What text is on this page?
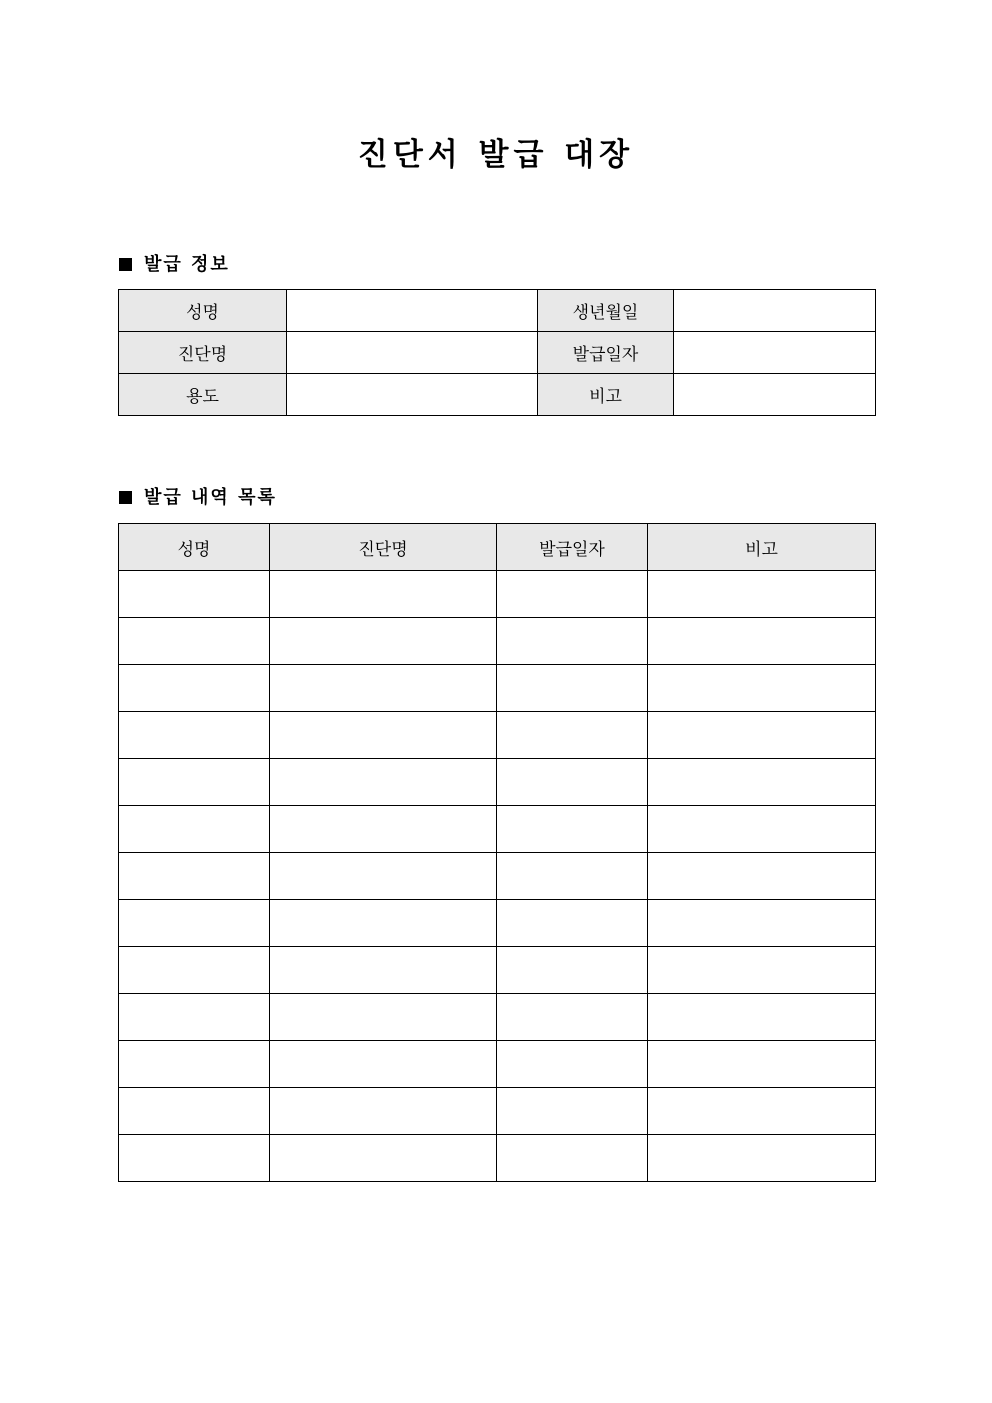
진단서 발급 대장
발급 정보
성명		생년월일	
진단명		발급일자	
용도		비고	
발급 내역 목록
성명	진단명	발급일자	비고
